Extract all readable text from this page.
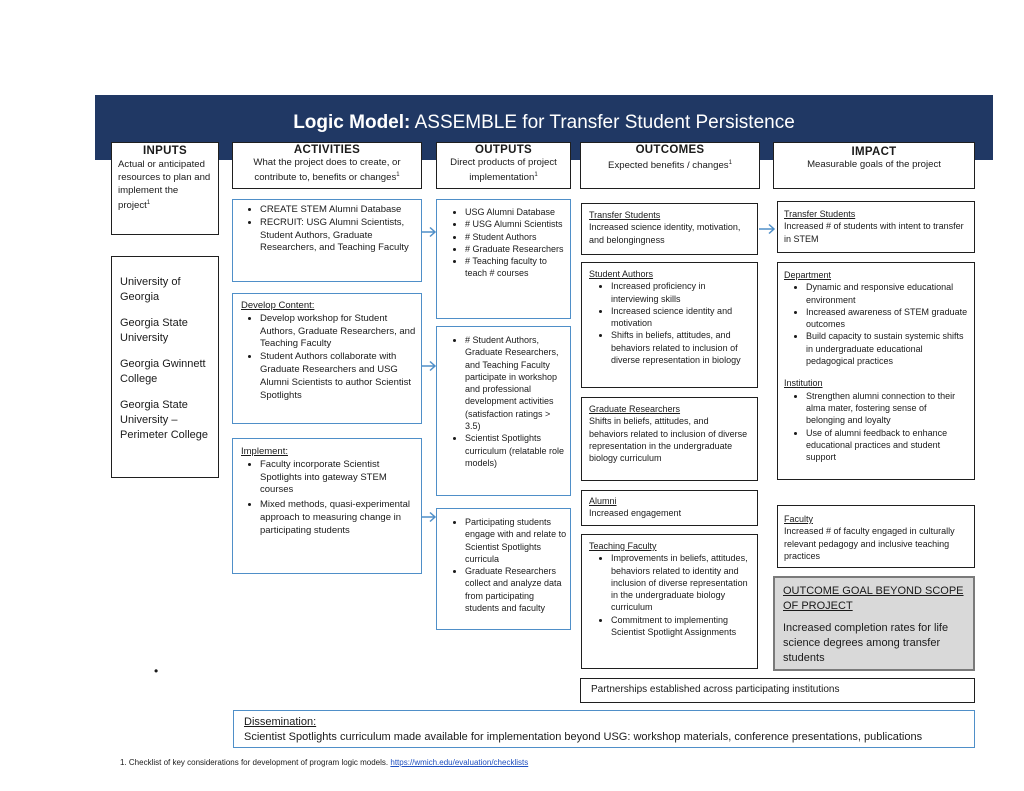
Logic Model: ASSEMBLE for Transfer Student Persistence
INPUTS
Actual or anticipated resources to plan and implement the project$^1$
ACTIVITIES
What the project does to create, or contribute to, benefits or changes$^1$
OUTPUTS
Direct products of project implementation$^1$
OUTCOMES
Expected benefits / changes$^1$
IMPACT
Measurable goals of the project
University of Georgia
Georgia State University
Georgia Gwinnett College
Georgia State University – Perimeter College
• CREATE STEM Alumni Database
• RECRUIT: USG Alumni Scientists, Student Authors, Graduate Researchers, and Teaching Faculty
Develop Content:
• Develop workshop for Student Authors, Graduate Researchers, and Teaching Faculty
• Student Authors collaborate with Graduate Researchers and USG Alumni Scientists to author Scientist Spotlights
Implement:
• Faculty incorporate Scientist Spotlights into gateway STEM courses
• Mixed methods, quasi-experimental approach to measuring change in participating students
• USG Alumni Database
• # USG Alumni Scientists
• # Student Authors
• # Graduate Researchers
• # Teaching faculty to teach # courses
• # Student Authors, Graduate Researchers, and Teaching Faculty participate in workshop and professional development activities (satisfaction ratings > 3.5)
• Scientist Spotlights curriculum (relatable role models)
• Participating students engage with and relate to Scientist Spotlights curricula
• Graduate Researchers collect and analyze data from participating students and faculty
Transfer Students
Increased science identity, motivation, and belongingness
Student Authors
• Increased proficiency in interviewing skills
• Increased science identity and motivation
• Shifts in beliefs, attitudes, and behaviors related to inclusion of diverse representation in biology
Graduate Researchers
Shifts in beliefs, attitudes, and behaviors related to inclusion of diverse representation in the undergraduate biology curriculum
Alumni
Increased engagement
Teaching Faculty
• Improvements in beliefs, attitudes, behaviors related to identity and inclusion of diverse representation in the undergraduate biology curriculum
• Commitment to implementing Scientist Spotlight Assignments
Partnerships established across participating institutions
Transfer Students
Increased # of students with intent to transfer in STEM
Department
• Dynamic and responsive educational environment
• Increased awareness of STEM graduate outcomes
• Build capacity to sustain systemic shifts in undergraduate educational pedagogical practices
Institution
• Strengthen alumni connection to their alma mater, fostering sense of belonging and loyalty
• Use of alumni feedback to enhance educational practices and student support
Faculty
Increased # of faculty engaged in culturally relevant pedagogy and inclusive teaching practices
OUTCOME GOAL BEYOND SCOPE OF PROJECT
Increased completion rates for life science degrees among transfer students
Dissemination:
Scientist Spotlights curriculum made available for implementation beyond USG: workshop materials, conference presentations, publications
•
1. Checklist of key considerations for development of program logic models. https://wmich.edu/evaluation/checklists
